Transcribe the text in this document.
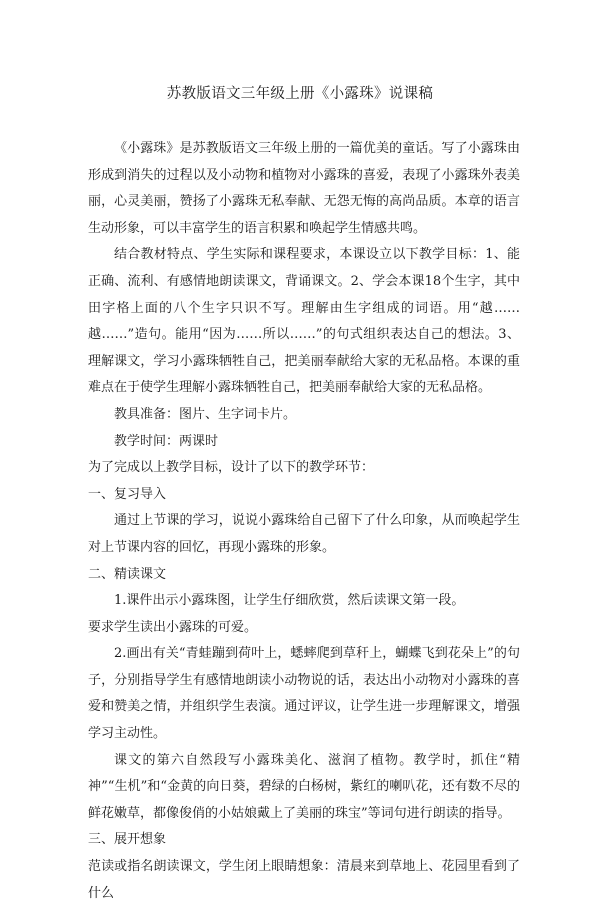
苏教版语文三年级上册《小露珠》说课稿

《小露珠》是苏教版语文三年级上册的一篇优美的童话。写了小露珠由形成到消失的过程以及小动物和植物对小露珠的喜爱，表现了小露珠外表美丽，心灵美丽，赞扬了小露珠无私奉献、无怨无悔的高尚品质。本章的语言生动形象，可以丰富学生的语言积累和唤起学生情感共鸣。

结合教材特点、学生实际和课程要求，本课设立以下教学目标：1、能正确、流利、有感情地朗读课文，背诵课文。2、学会本课18个生字，其中田字格上面的八个生字只识不写。理解由生字组成的词语。用“越……越……”造句。能用“因为……所以……”的句式组织表达自己的想法。3、 理解课文，学习小露珠牺牲自己，把美丽奉献给大家的无私品格。本课的重难点在于使学生理解小露珠牺牲自己，把美丽奉献给大家的无私品格。

教具准备：图片、生字词卡片。

教学时间：两课时

为了完成以上教学目标，设计了以下的教学环节：

一、复习导入

通过上节课的学习，说说小露珠给自己留下了什么印象，从而唤起学生对上节课内容的回忆，再现小露珠的形象。

二、精读课文

1.课件出示小露珠图，让学生仔细欣赏，然后读课文第一段。

要求学生读出小露珠的可爱。

2.画出有关“青蛙蹦到荷叶上，蟋蟀爬到草秆上，蝴蝶飞到花朵上”的句子，分别指导学生有感情地朗读小动物说的话，表达出小动物对小露珠的喜爱和赞美之情，并组织学生表演。通过评议，让学生进一步理解课文，增强学习主动性。

课文的第六自然段写小露珠美化、滋润了植物。教学时，抓住“精神”“生机”和“金黄的向日葵，碧绿的白杨树，紫红的喇叭花，还有数不尽的鲜花嫩草，都像俊俏的小姑娘戴上了美丽的珠宝”等词句进行朗读的指导。

三、展开想象

范读或指名朗读课文，学生闭上眼睛想象：清晨来到草地上、花园里看到了什么
